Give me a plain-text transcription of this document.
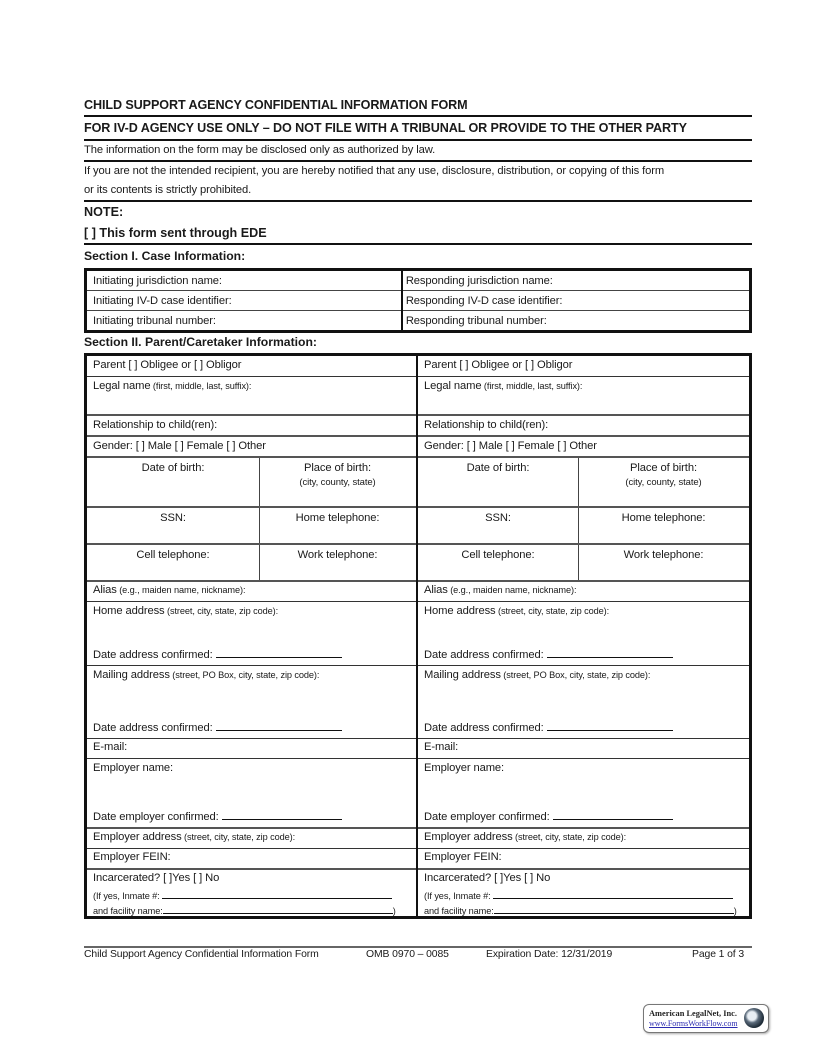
CHILD SUPPORT AGENCY CONFIDENTIAL INFORMATION FORM
FOR IV-D AGENCY USE ONLY – DO NOT FILE WITH A TRIBUNAL OR PROVIDE TO THE OTHER PARTY
The information on the form may be disclosed only as authorized by law.
If you are not the intended recipient, you are hereby notified that any use, disclosure, distribution, or copying of this form
or its contents is strictly prohibited.
NOTE:
[ ] This form sent through EDE
Section I. Case Information:
Initiating jurisdiction name:	Responding jurisdiction name:
Initiating IV-D case identifier:	Responding IV-D case identifier:
Initiating tribunal number:	Responding tribunal number:
Section II. Parent/Caretaker Information:
Parent [ ] Obligee or [ ] Obligor
Legal name (first, middle, last, suffix):
Relationship to child(ren):
Gender: [ ] Male [ ] Female [ ] Other
Date of birth:	Place of birth:
(city, county, state)
SSN:	Home telephone:
Cell telephone:	Work telephone:
Alias (e.g., maiden name, nickname):
Home address (street, city, state, zip code):
Date address confirmed:
Mailing address (street, PO Box, city, state, zip code):
Date address confirmed:
E-mail:
Employer name:
Date employer confirmed:
Employer address (street, city, state, zip code):
Employer FEIN:
Incarcerated? [ ]Yes [ ] No
(If yes, Inmate #:
and facility name:	)
Parent [ ] Obligee or [ ] Obligor
Legal name (first, middle, last, suffix):
Relationship to child(ren):
Gender: [ ] Male [ ] Female [ ] Other
Date of birth:	Place of birth:
(city, county, state)
SSN:	Home telephone:
Cell telephone:	Work telephone:
Alias (e.g., maiden name, nickname):
Home address (street, city, state, zip code):
Date address confirmed:
Mailing address (street, PO Box, city, state, zip code):
Date address confirmed:
E-mail:
Employer name:
Date employer confirmed:
Employer address (street, city, state, zip code):
Employer FEIN:
Incarcerated? [ ]Yes [ ] No
(If yes, Inmate #:
and facility name:	)
Child Support Agency Confidential Information Form	OMB 0970 – 0085	Expiration Date: 12/31/2019	Page 1 of 3
American LegalNet, Inc.
www.FormsWorkFlow.com
